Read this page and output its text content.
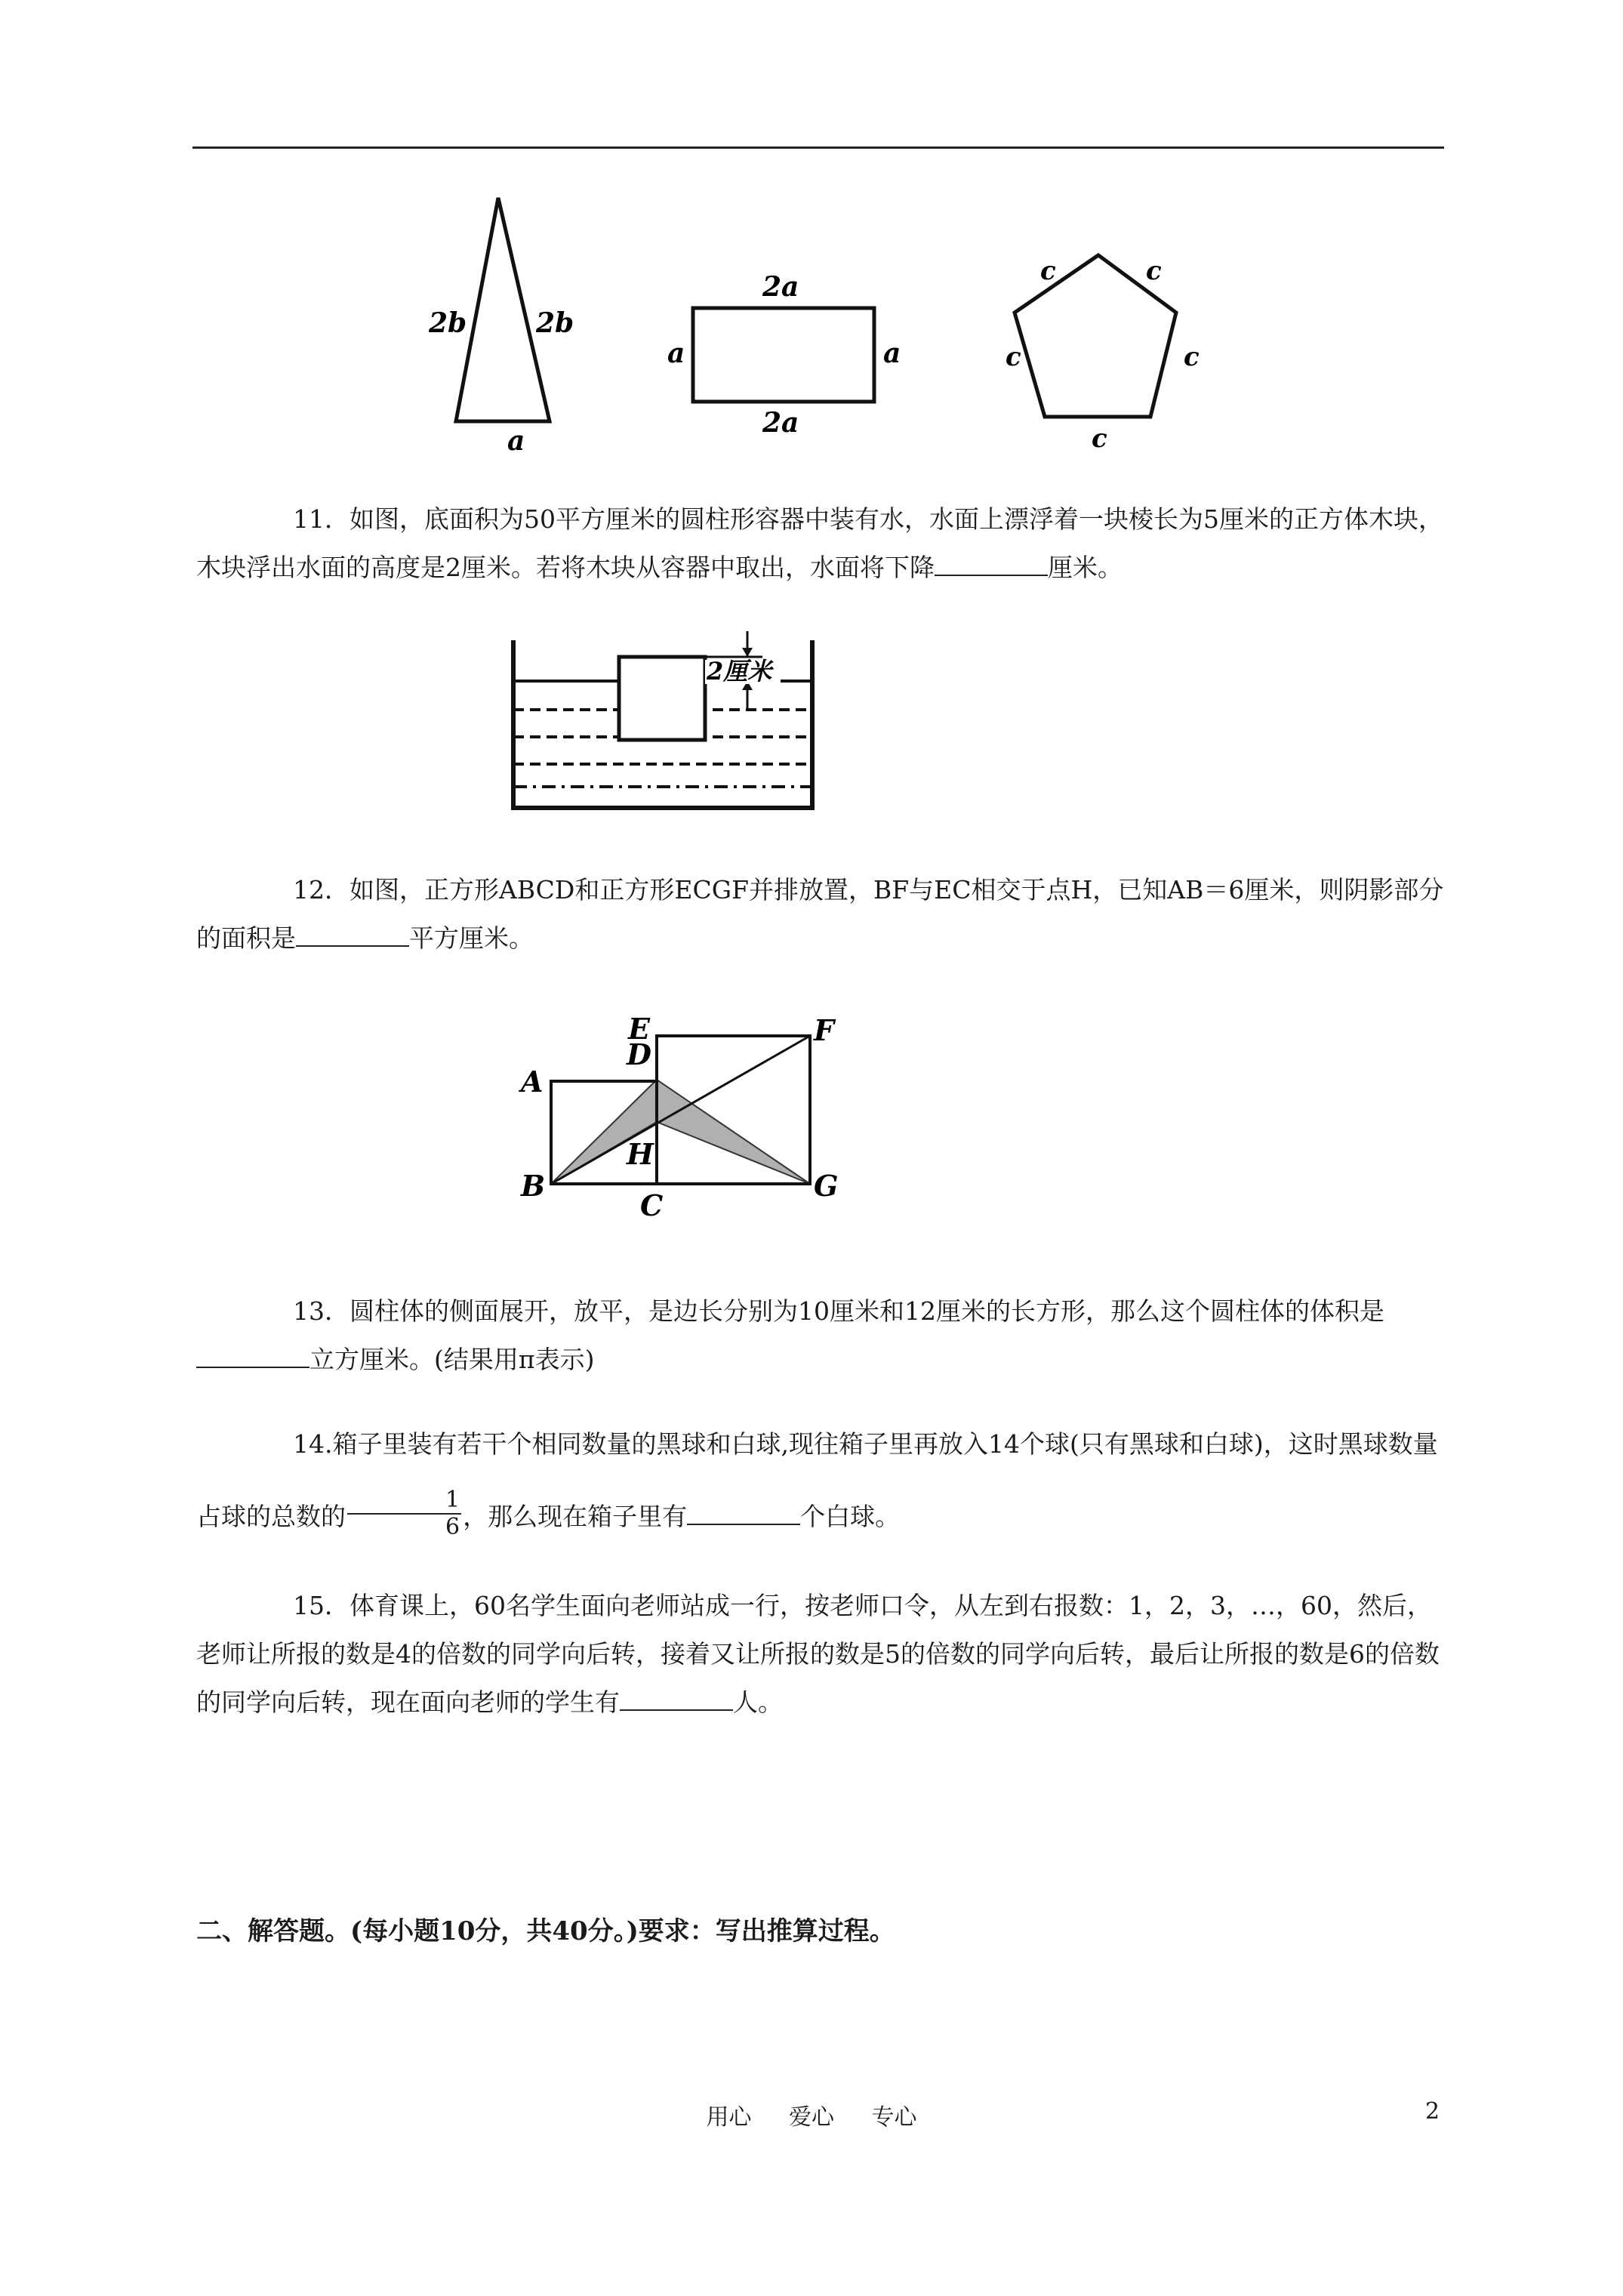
2b	2b
a
2a
2a
a	a
c	c
c	c
c

11．如图，底面积为50平方厘米的圆柱形容器中装有水，水面上漂浮着一块棱长为5厘米的正方体木块，木块浮出水面的高度是2厘米。若将木块从容器中取出，水面将下降	厘米。

2厘米

12．如图，正方形ABCD和正方形ECGF并排放置，BF与EC相交于点H，已知AB＝6厘米，则阴影部分的面积是	平方厘米。

A
B
C
D
E	F
G
H

13．圆柱体的侧面展开，放平，是边长分别为10厘米和12厘米的长方形，那么这个圆柱体的体积是立方厘米。(结果用π表示)

14.箱子里装有若干个相同数量的黑球和白球,现往箱子里再放入14个球(只有黑球和白球)，这时黑球数量占球的总数的 $\frac{1}{6}$ ，那么现在箱子里有	个白球。

15．体育课上，60名学生面向老师站成一行，按老师口令，从左到右报数：1，2，3，…，60，然后，老师让所报的数是4的倍数的同学向后转，接着又让所报的数是5的倍数的同学向后转，最后让所报的数是6的倍数的同学向后转，现在面向老师的学生有	人。

二、解答题。(每小题10分，共40分。)要求：写出推算过程。

用心 爱心 专心	2
